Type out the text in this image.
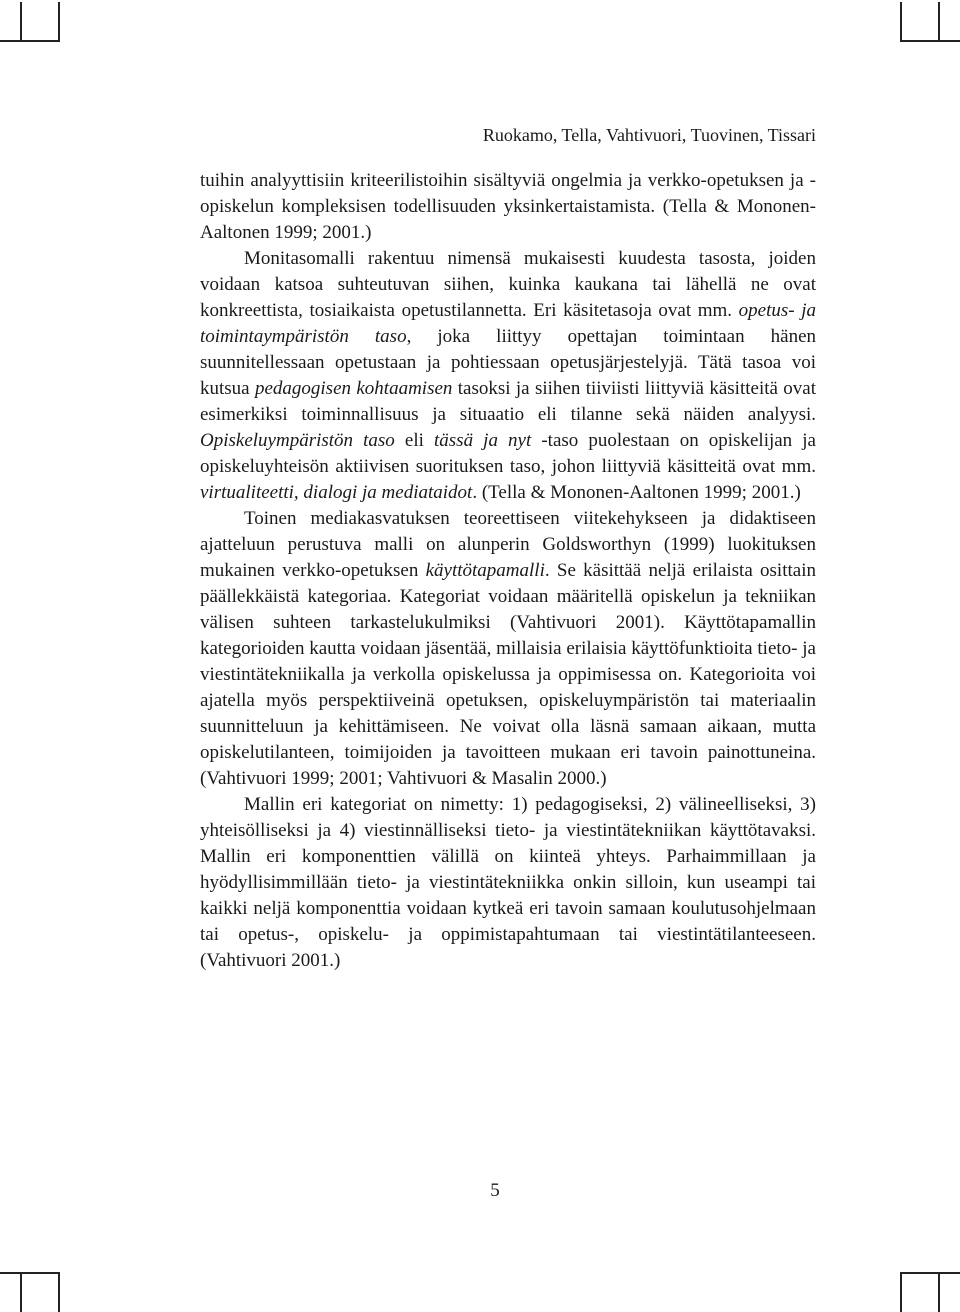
Ruokamo, Tella, Vahtivuori, Tuovinen, Tissari

tuihin analyyttisiin kriteerilistoihin sisältyviä ongelmia ja verkko-opetuksen ja -opiskelun kompleksisen todellisuuden yksinkertaistamista. (Tella & Mononen-Aaltonen 1999; 2001.)

Monitasomalli rakentuu nimensä mukaisesti kuudesta tasosta, joiden voidaan katsoa suhteutuvan siihen, kuinka kaukana tai lähellä ne ovat konkreettista, tosiaikaista opetustilannetta. Eri käsitetasoja ovat mm. opetus- ja toimintaympäristön taso, joka liittyy opettajan toimintaan hänen suunnitellessaan opetustaan ja pohtiessaan opetusjärjestelyjä. Tätä tasoa voi kutsua pedagogisen kohtaamisen tasoksi ja siihen tiiviisti liittyviä käsitteitä ovat esimerkiksi toiminnallisuus ja situaatio eli tilanne sekä näiden analyysi. Opiskeluympäristön taso eli tässä ja nyt -taso puolestaan on opiskelijan ja opiskeluyhteisön aktiivisen suorituksen taso, johon liittyviä käsitteitä ovat mm. virtualiteetti, dialogi ja mediataidot. (Tella & Mononen-Aaltonen 1999; 2001.)

Toinen mediakasvatuksen teoreettiseen viitekehykseen ja didaktiseen ajatteluun perustuva malli on alunperin Goldsworthyn (1999) luokituksen mukainen verkko-opetuksen käyttötapamalli. Se käsittää neljä erilaista osittain päällekkäistä kategoriaa. Kategoriat voidaan määritellä opiskelun ja tekniikan välisen suhteen tarkastelukulmiksi (Vahtivuori 2001). Käyttötapamallin kategorioiden kautta voidaan jäsentää, millaisia erilaisia käyttöfunktioita tieto- ja viestintätekniikalla ja verkolla opiskelussa ja oppimisessa on. Kategorioita voi ajatella myös perspektiiveinä opetuksen, opiskeluympäristön tai materiaalin suunnitteluun ja kehittämiseen. Ne voivat olla läsnä samaan aikaan, mutta opiskelutilanteen, toimijoiden ja tavoitteen mukaan eri tavoin painottuneina. (Vahtivuori 1999; 2001; Vahtivuori & Masalin 2000.)

Mallin eri kategoriat on nimetty: 1) pedagogiseksi, 2) välineelliseksi, 3) yhteisölliseksi ja 4) viestinnälliseksi tieto- ja viestintätekniikan käyttötavaksi. Mallin eri komponenttien välillä on kiinteä yhteys. Parhaimmillaan ja hyödyllisimmillään tieto- ja viestintätekniikka onkin silloin, kun useampi tai kaikki neljä komponenttia voidaan kytkeä eri tavoin samaan koulutusohjelmaan tai opetus-, opiskelu- ja oppimistapahtumaan tai viestintätilanteeseen. (Vahtivuori 2001.)

5
